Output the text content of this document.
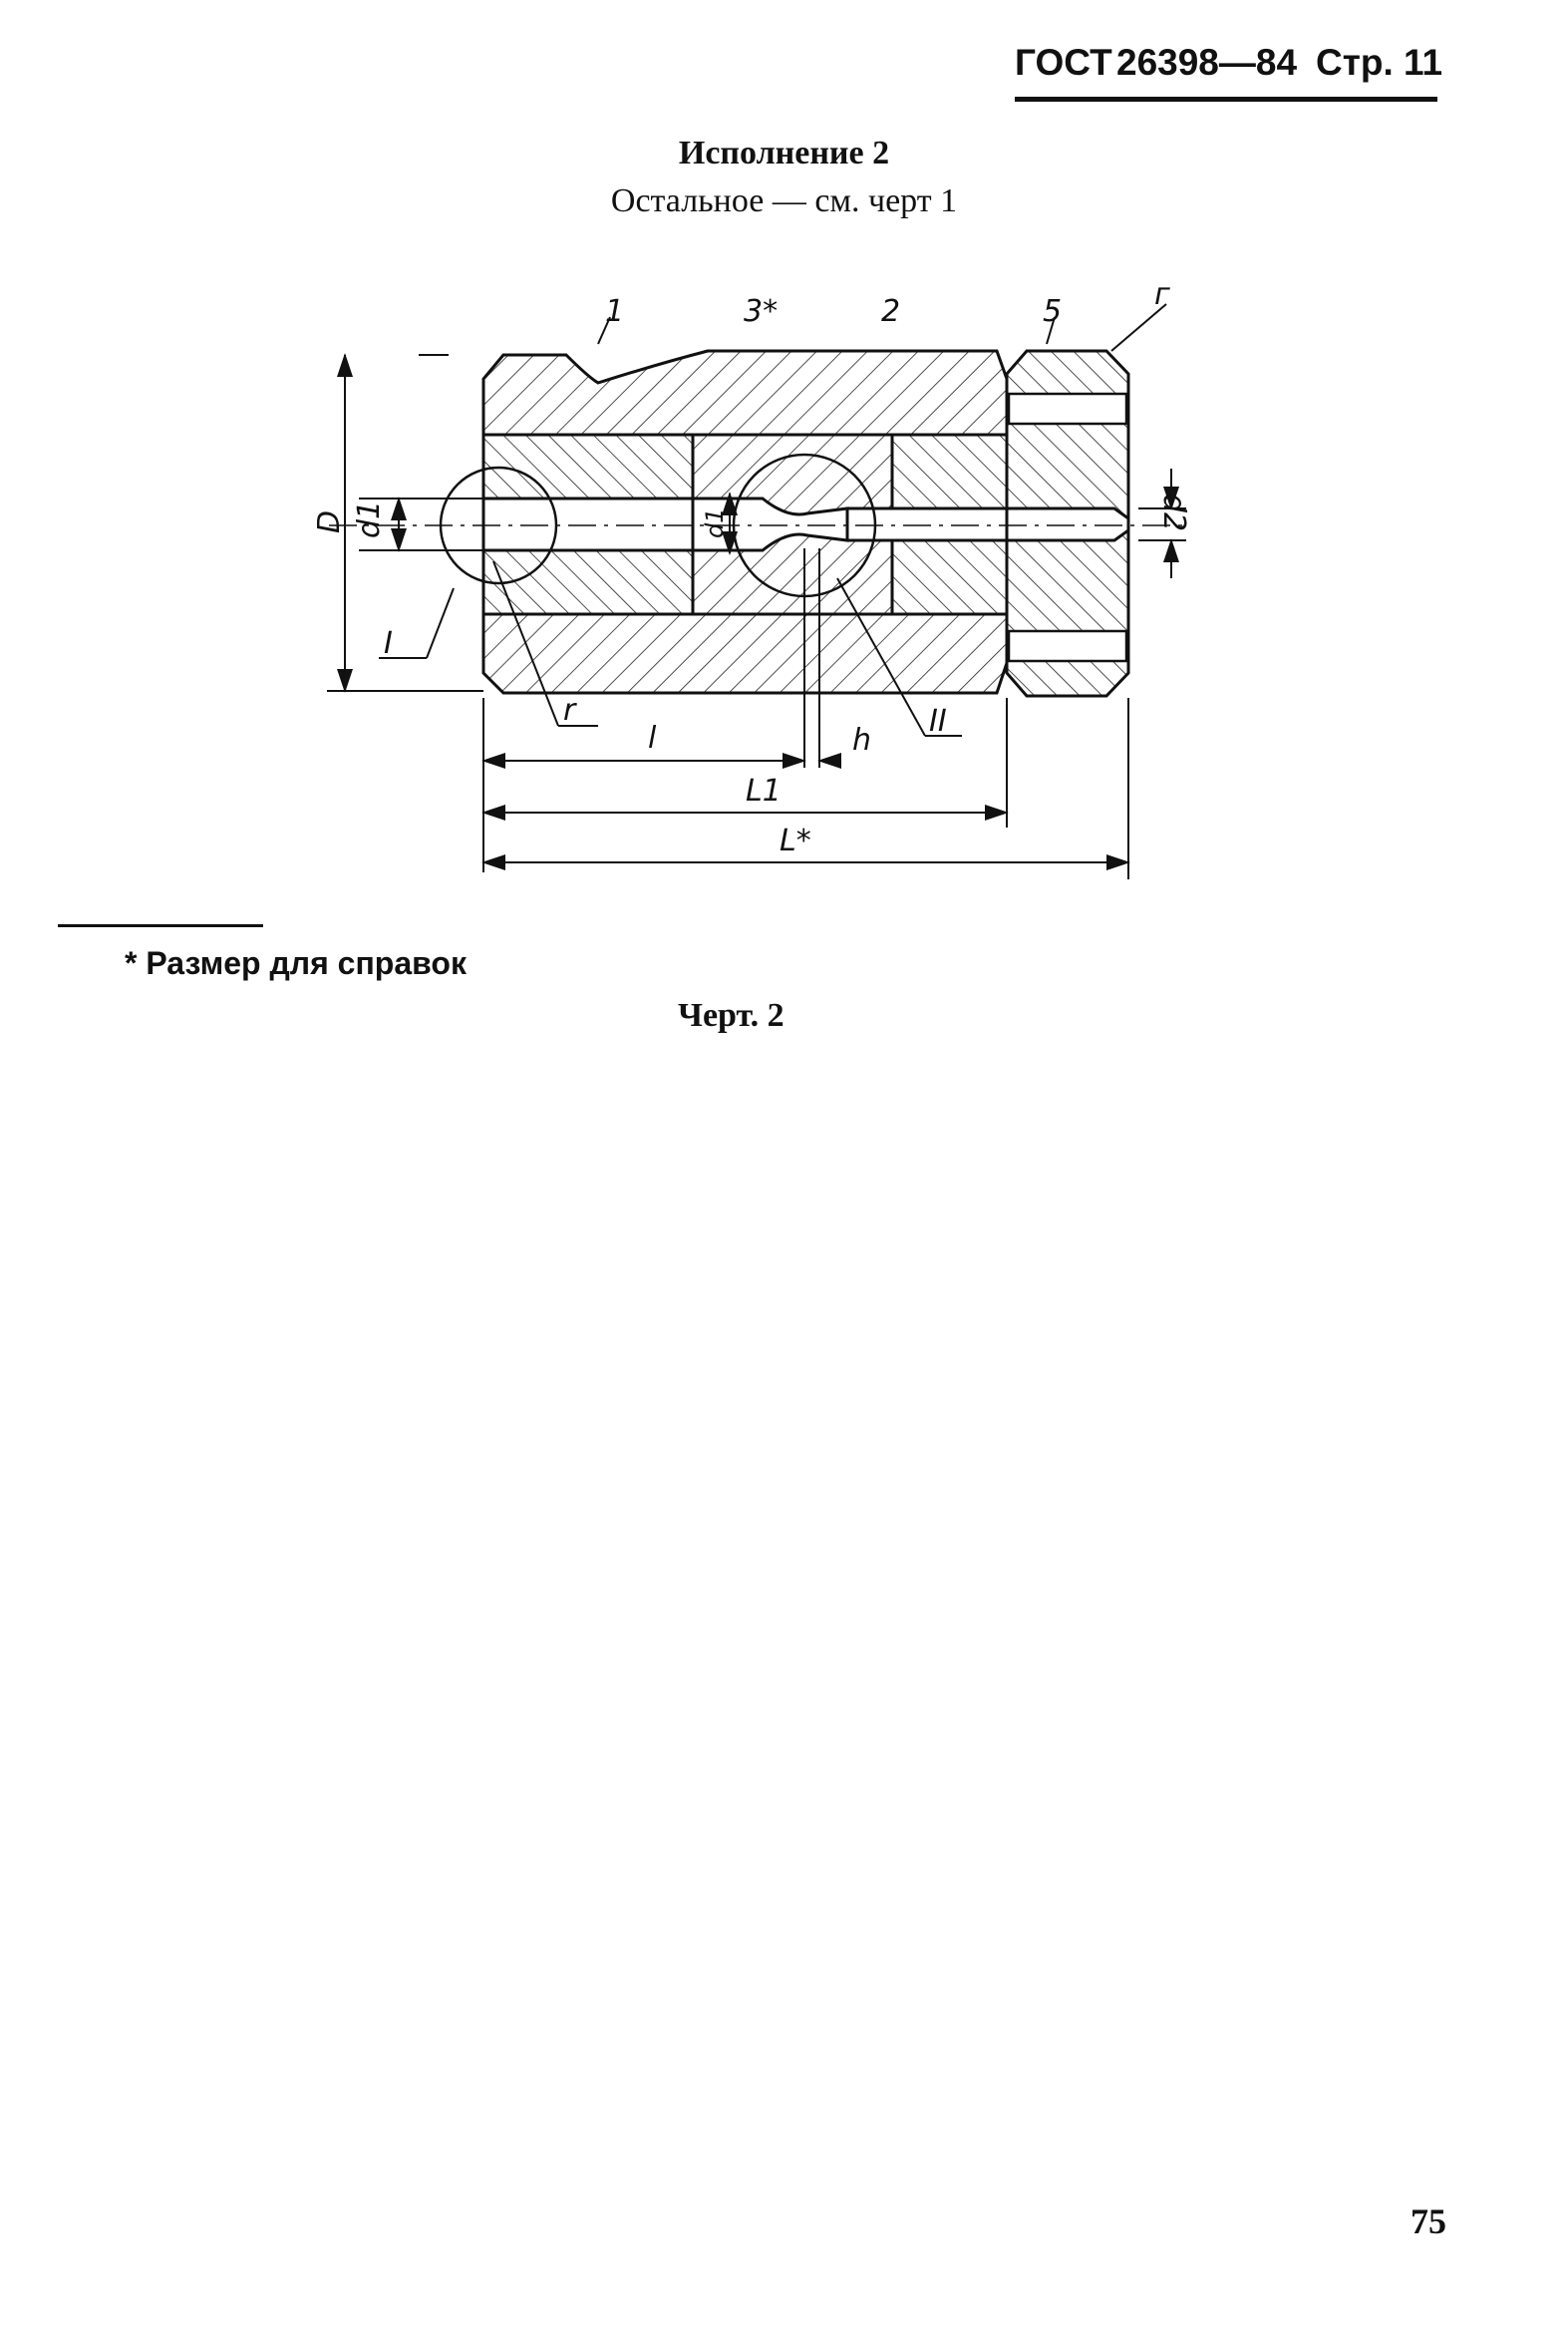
ГОСТ 26398—84 Стр. 11
Исполнение 2
Остальное — см. черт 1
1	3*	2	5	г
I
II
D d1	d1	d2
r
l	h
L1
L*
* Размер для справок
Черт. 2
75
